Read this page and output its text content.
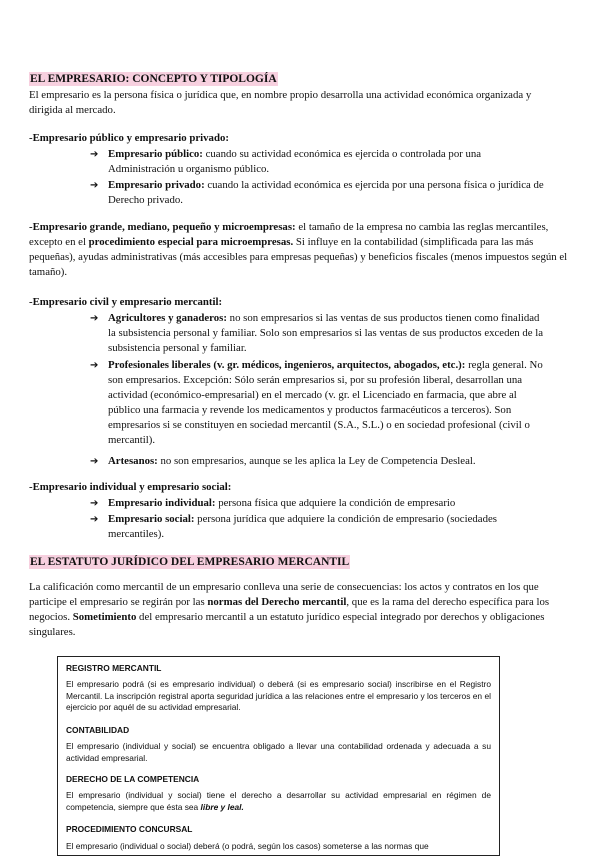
EL EMPRESARIO: CONCEPTO Y TIPOLOGÍA

El empresario es la persona física o jurídica que, en nombre propio desarrolla una actividad económica organizada y dirigida al mercado.

-Empresario público y empresario privado:

➔ Empresario público: cuando su actividad económica es ejercida o controlada por una Administración u organismo público.
➔ Empresario privado: cuando la actividad económica es ejercida por una persona física o jurídica de Derecho privado.

-Empresario grande, mediano, pequeño y microempresas: el tamaño de la empresa no cambia las reglas mercantiles, excepto en el procedimiento especial para microempresas. Si influye en la contabilidad (simplificada para las más pequeñas), ayudas administrativas (más accesibles para empresas pequeñas) y beneficios fiscales (menos impuestos según el tamaño).

-Empresario civil y empresario mercantil:

➔ Agricultores y ganaderos: no son empresarios si las ventas de sus productos tienen como finalidad la subsistencia personal y familiar. Solo son empresarios si las ventas de sus productos exceden de la subsistencia personal y familiar.
➔ Profesionales liberales (v. gr. médicos, ingenieros, arquitectos, abogados, etc.): regla general. No son empresarios. Excepción: Sólo serán empresarios si, por su profesión liberal, desarrollan una actividad (económico-empresarial) en el mercado (v. gr. el Licenciado en farmacia, que abre al público una farmacia y revende los medicamentos y productos farmacéuticos a terceros). Son empresarios si se constituyen en sociedad mercantil (S.A., S.L.) o en sociedad profesional (civil o mercantil).
➔ Artesanos: no son empresarios, aunque se les aplica la Ley de Competencia Desleal.

-Empresario individual y empresario social:

➔ Empresario individual: persona física que adquiere la condición de empresario
➔ Empresario social: persona jurídica que adquiere la condición de empresario (sociedades mercantiles).
EL ESTATUTO JURÍDICO DEL EMPRESARIO MERCANTIL

La calificación como mercantil de un empresario conlleva una serie de consecuencias: los actos y contratos en los que participe el empresario se regirán por las normas del Derecho mercantil, que es la rama del derecho específica para los negocios. Sometimiento del empresario mercantil a un estatuto jurídico especial integrado por derechos y obligaciones singulares.

REGISTRO MERCANTIL
El empresario podrá (si es empresario individual) o deberá (si es empresario social) inscribirse en el Registro Mercantil. La inscripción registral aporta seguridad jurídica a las relaciones entre el empresario y los terceros en el ejercicio por aquél de su actividad empresarial.
CONTABILIDAD
El empresario (individual y social) se encuentra obligado a llevar una contabilidad ordenada y adecuada a su actividad empresarial.
DERECHO DE LA COMPETENCIA
El empresario (individual y social) tiene el derecho a desarrollar su actividad empresarial en régimen de competencia, siempre que ésta sea libre y leal.
PROCEDIMIENTO CONCURSAL
El empresario (individual o social) deberá (o podrá, según los casos) someterse a las normas que
